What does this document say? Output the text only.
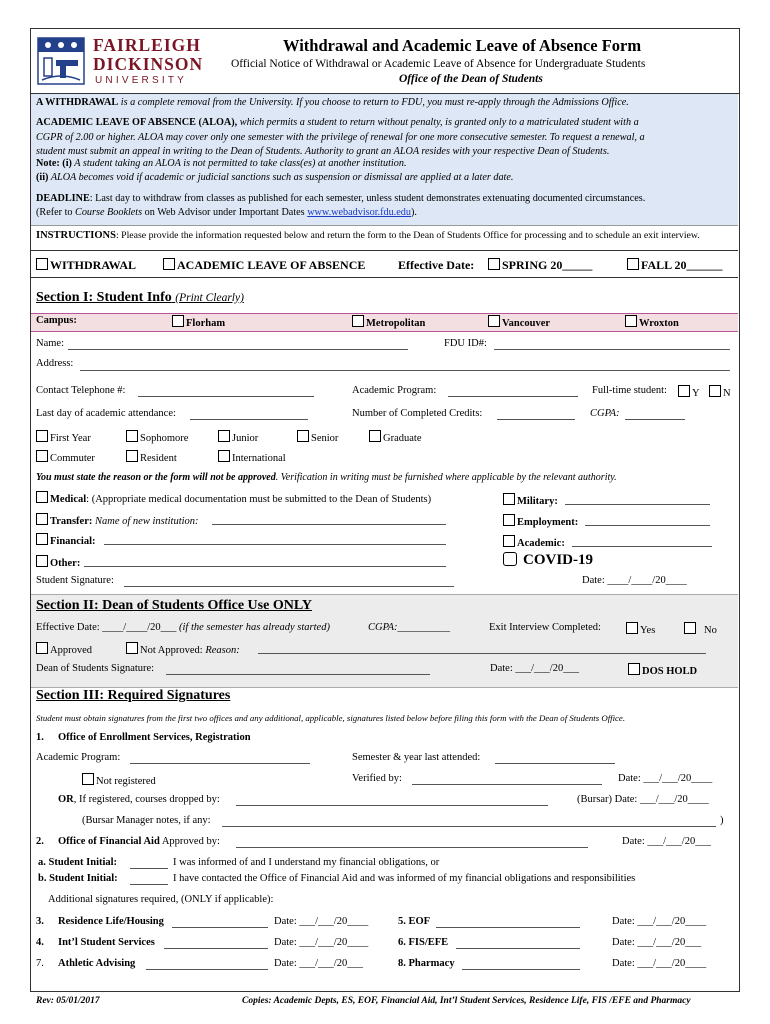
FAIRLEIGH
DICKINSON
UNIVERSITY
Withdrawal and Academic Leave of Absence Form
Official Notice of Withdrawal or Academic Leave of Absence for Undergraduate Students
Office of the Dean of Students
A WITHDRAWAL is a complete removal from the University. If you choose to return to FDU, you must re-apply through the Admissions Office.
ACADEMIC LEAVE OF ABSENCE (ALOA), which permits a student to return without penalty, is granted only to a matriculated student with a
CGPR of 2.00 or higher. ALOA may cover only one semester with the privilege of renewal for one more consecutive semester. To request a renewal, a
student must submit an appeal in writing to the Dean of Students. Authority to grant an ALOA resides with your respective Dean of Students.
Note: (i) A student taking an ALOA is not permitted to take class(es) at another institution.
(ii) ALOA becomes void if academic or judicial sanctions such as suspension or dismissal are applied at a later date.
DEADLINE: Last day to withdraw from classes as published for each semester, unless student demonstrates extenuating documented circumstances.
(Refer to Course Booklets on Web Advisor under Important Dates www.webadvisor.fdu.edu).
INSTRUCTIONS: Please provide the information requested below and return the form to the Dean of Students Office for processing and to schedule an exit interview.
WITHDRAWAL	ACADEMIC LEAVE OF ABSENCE	Effective Date:	SPRING 20_____	FALL 20______
Section I: Student Info (Print Clearly)
Campus:	Florham	Metropolitan	Vancouver	Wroxton
Name:	FDU ID#:
Address:
Contact Telephone #:	Academic Program:	Full-time student:	Y	N
Last day of academic attendance:	Number of Completed Credits:	CGPA:
First Year	Sophomore	Junior	Senior	Graduate
Commuter	Resident	International
You must state the reason or the form will not be approved. Verification in writing must be furnished where applicable by the relevant authority.
Medical: (Appropriate medical documentation must be submitted to the Dean of Students)	Military:
Transfer: Name of new institution:	Employment:
Financial:	Academic:
Other:	COVID-19
Student Signature:	Date: ____/____/20____
Section II: Dean of Students Office Use ONLY
Effective Date: ____/____/20___ (if the semester has already started)	CGPA:__________	Exit Interview Completed:	Yes	No
Approved	Not Approved: Reason:
Dean of Students Signature:	Date: ___/___/20___	DOS HOLD
Section III: Required Signatures
Student must obtain signatures from the first two offices and any additional, applicable, signatures listed below before filing this form with the Dean of Students Office.
1. Office of Enrollment Services, Registration
Academic Program:	Semester & year last attended:
Not registered	Verified by:	Date: ___/___/20____
OR, If registered, courses dropped by:	(Bursar) Date: ___/___/20____
(Bursar Manager notes, if any:	)
2. Office of Financial Aid Approved by:	Date: ___/___/20___
a. Student Initial:	I was informed of and I understand my financial obligations, or
b. Student Initial:	I have contacted the Office of Financial Aid and was informed of my financial obligations and responsibilities
Additional signatures required, (ONLY if applicable):
3. Residence Life/Housing	Date: ___/___/20____	5. EOF	Date: ___/___/20____
4. Int’l Student Services	Date: ___/___/20____	6. FIS/EFE	Date: ___/___/20___
7. Athletic Advising	Date: ___/___/20___	8. Pharmacy	Date: ___/___/20____
Rev: 05/01/2017	Copies: Academic Depts, ES, EOF, Financial Aid, Int’l Student Services, Residence Life, FIS /EFE and Pharmacy
